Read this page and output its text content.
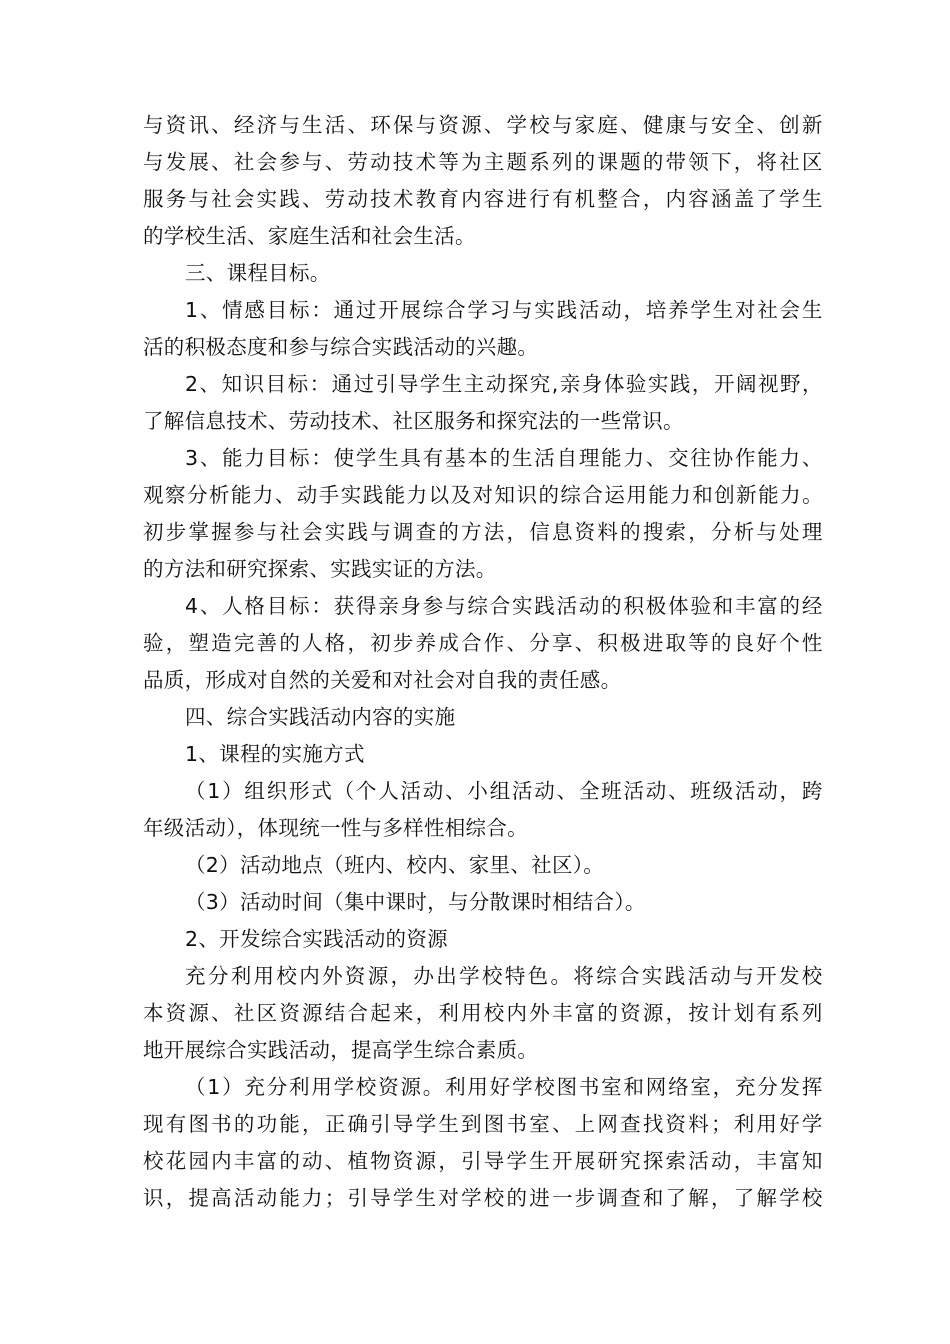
与 资 讯 、 经 济 与 生 活 、 环 保 与 资 源 、 学 校 与 家 庭 、 健 康 与 安 全 、 创 新
与 发 展 、 社 会 参 与 、 劳 动 技 术 等 为 主 题 系 列 的 课 题 的 带 领 下 ， 将 社 区
服 务 与 社 会 实 践 、 劳 动 技 术 教 育 内 容 进 行 有 机 整 合 ， 内 容 涵 盖 了 学 生
的学校生活、家庭生活和社会生活。
三、课程目标。
1 、 情 感 目 标 ： 通 过 开 展 综 合 学 习 与 实 践 活 动 ， 培 养 学 生 对 社 会 生
活的积极态度和参与综合实践活动的兴趣。
2 、 知 识 目 标 ： 通 过 引 导 学 生 主 动 探 究 , 亲 身 体 验 实 践 ， 开 阔 视 野 ，
了解信息技术、劳动技术、社区服务和探究法的一些常识。
3 、 能 力 目 标 ： 使 学 生 具 有 基 本 的 生 活 自 理 能 力 、 交 往 协 作 能 力 、
观 察 分 析 能 力 、 动 手 实 践 能 力 以 及 对 知 识 的 综 合 运 用 能 力 和 创 新 能 力 。
初 步 掌 握 参 与 社 会 实 践 与 调 查 的 方 法 ， 信 息 资 料 的 搜 索 ， 分 析 与 处 理
的方法和研究探索、实践实证的方法。
4 、 人 格 目 标 ： 获 得 亲 身 参 与 综 合 实 践 活 动 的 积 极 体 验 和 丰 富 的 经
验 ， 塑 造 完 善 的 人 格 ， 初 步 养 成 合 作 、 分 享 、 积 极 进 取 等 的 良 好 个 性
品质，形成对自然的关爱和对社会对自我的责任感。
四、综合实践活动内容的实施
1、课程的实施方式
（ 1 ） 组 织 形 式 （ 个 人 活 动 、 小 组 活 动 、 全 班 活 动 、 班 级 活 动 ， 跨
年级活动），体现统一性与多样性相综合。
（2）活动地点（班内、校内、家里、社区）。
（3）活动时间（集中课时，与分散课时相结合）。
2、开发综合实践活动的资源
充 分 利 用 校 内 外 资 源 ， 办 出 学 校 特 色 。 将 综 合 实 践 活 动 与 开 发 校
本 资 源 、 社 区 资 源 结 合 起 来 ， 利 用 校 内 外 丰 富 的 资 源 ， 按 计 划 有 系 列
地开展综合实践活动，提高学生综合素质。
（ 1 ） 充 分 利 用 学 校 资 源 。 利 用 好 学 校 图 书 室 和 网 络 室 ， 充 分 发 挥
现 有 图 书 的 功 能 ， 正 确 引 导 学 生 到 图 书 室 、 上 网 查 找 资 料 ； 利 用 好 学
校 花 园 内 丰 富 的 动 、 植 物 资 源 ， 引 导 学 生 开 展 研 究 探 索 活 动 ， 丰 富 知
识 ， 提 高 活 动 能 力 ； 引 导 学 生 对 学 校 的 进 一 步 调 查 和 了 解 ， 了 解 学 校
